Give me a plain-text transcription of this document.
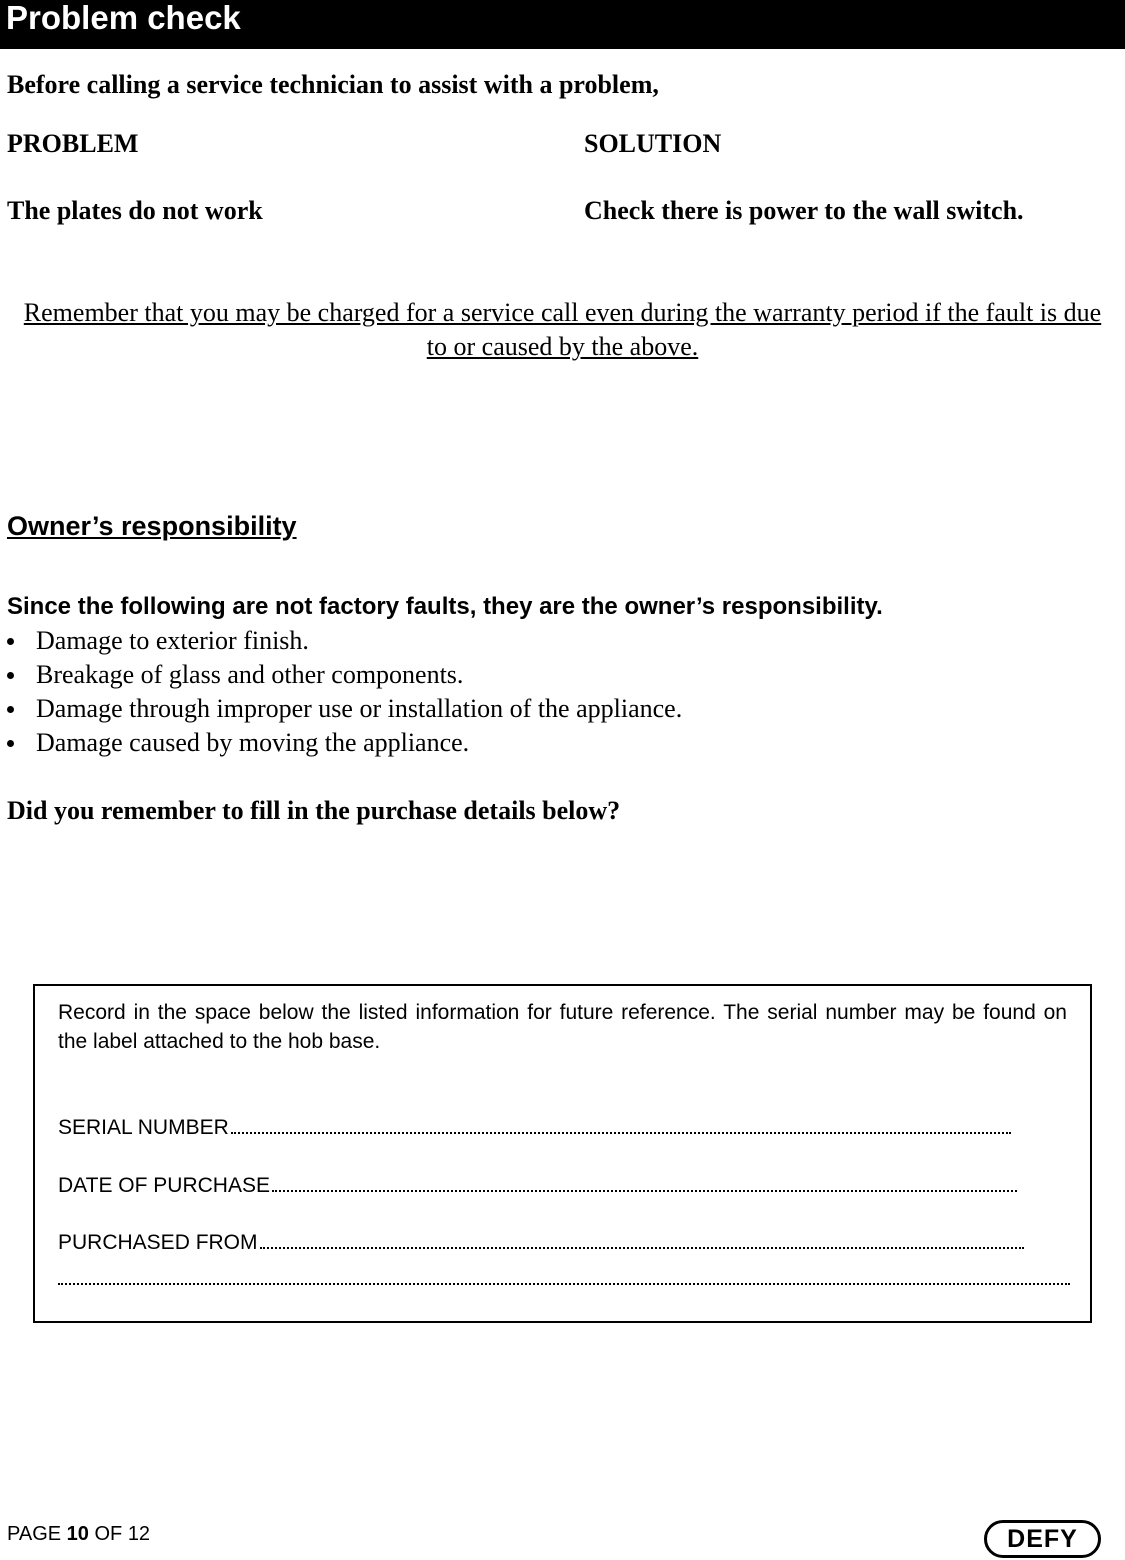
Problem check
Before calling a service technician to assist with a problem,
PROBLEM	SOLUTION
The plates do not work	Check there is power to the wall switch.
Remember that you may be charged for a service call even during the warranty period if the fault is due to or caused by the above.
Owner’s responsibility
Since the following are not factory faults, they are the owner’s responsibility.
Damage to exterior finish.
Breakage of glass and other components.
Damage through improper use or installation of the appliance.
Damage caused by moving the appliance.
Did you remember to fill in the purchase details below?
Record in the space below the listed information for future reference. The serial number may be found on the label attached to the hob base.
SERIAL NUMBER
DATE OF PURCHASE
PURCHASED FROM
PAGE 10 OF 12	DEFY
